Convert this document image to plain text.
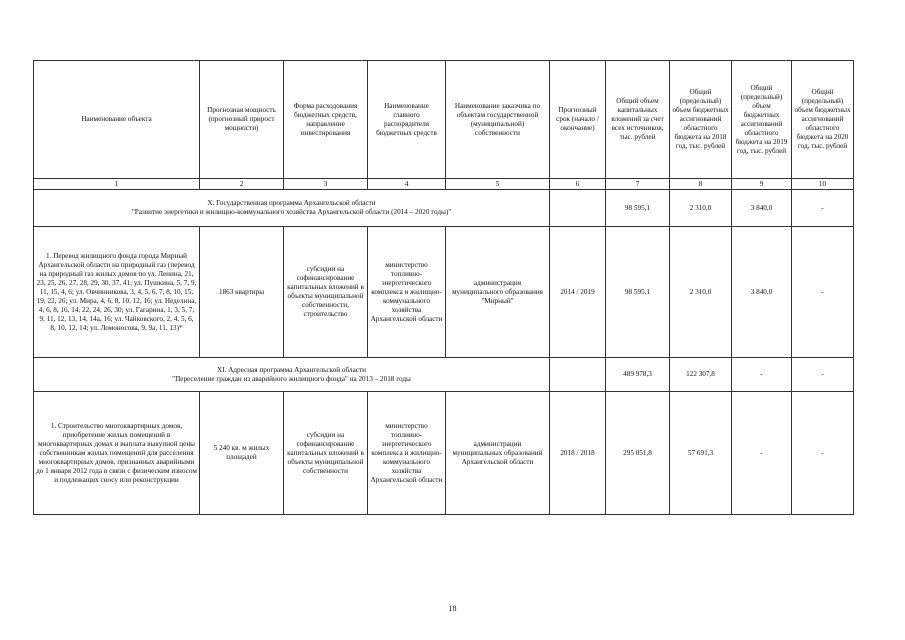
Наименование объекта	Прогнозная мощность (прогнозный прирост мощности)	Форма расходования бюджетных средств, направление инвестирования	Наименование главного распорядителя бюджетных средств	Наименование заказчика по объектам государственной (муниципальной) собственности	Прогнозный срок (начало / окончание)	Общий объем капитальных вложений за счет всех источников, тыс. рублей	Общий (предельный) объем бюджетных ассигнований областного бюджета на 2018 год, тыс. рублей	Общий (предельный) объем бюджетных ассигнований областного бюджета на 2019 год, тыс. рублей	Общий (предельный) объем бюджетных ассигнований областного бюджета на 2020 год, тыс. рублей
1	2	3	4	5	6	7	8	9	10

X. Государственная программа Архангельской области
"Развитие энергетики и жилищно-коммунального хозяйства Архангельской области (2014 – 2020 годы)"						98 595,1	2 310,0	3 840,0	-
1. Перевод жилищного фонда города Мирный Архангельской области на природный газ (перевод на природный газ жилых домов по ул. Ленина, 21, 23, 25, 26, 27, 28, 29, 30, 37, 41; ул. Пушкина, 5, 7, 9, 11, 15, 4, 6; ул. Овчинникова, 3, 4, 5, 6, 7, 8, 10, 15, 19, 22, 26; ул. Мира, 4, 6, 8, 10, 12, 16; ул. Неделина, 4, 6, 8, 16, 14, 22, 24, 26, 30; ул. Гагарина, 1, 3, 5, 7, 9, 11, 12, 13, 14, 14а, 16; ул. Чайковского, 2, 4, 5, 6, 8, 10, 12, 14; ул. Ломоносова, 9, 9а, 11, 13)*	1863 квартиры	субсидии на софинансирование капитальных вложений в объекты муниципальной собственности, строительство	министерство топливно-энергетического комплекса и жилищно-коммунального хозяйства Архангельской области	администрация муниципального образования "Мирный"	2014 / 2019	98 595,1	2 310,0	3 840,0	-

XI. Адресная программа Архангельской области
"Переселение граждан из аварийного жилищного фонда" на 2013 – 2018 годы						489 978,3	122 307,8	-	-
1. Строительство многоквартирных домов, приобретение жилых помещений в многоквартирных домах и выплата выкупной цены собственникам жилых помещений для расселения многоквартирных домов, признанных аварийными до 1 января 2012 года в связи с физическим износом и подлежащих сносу или реконструкции	5 240 кв. м жилых площадей	субсидии на софинансирование капитальных вложений в объекты муниципальной собственности	министерство топливно-энергетического комплекса и жилищно-коммунального хозяйства Архангельской области	администрации муниципальных образований Архангельской области	2018 / 2018	295 051,8	57 691,3	-	-
18
